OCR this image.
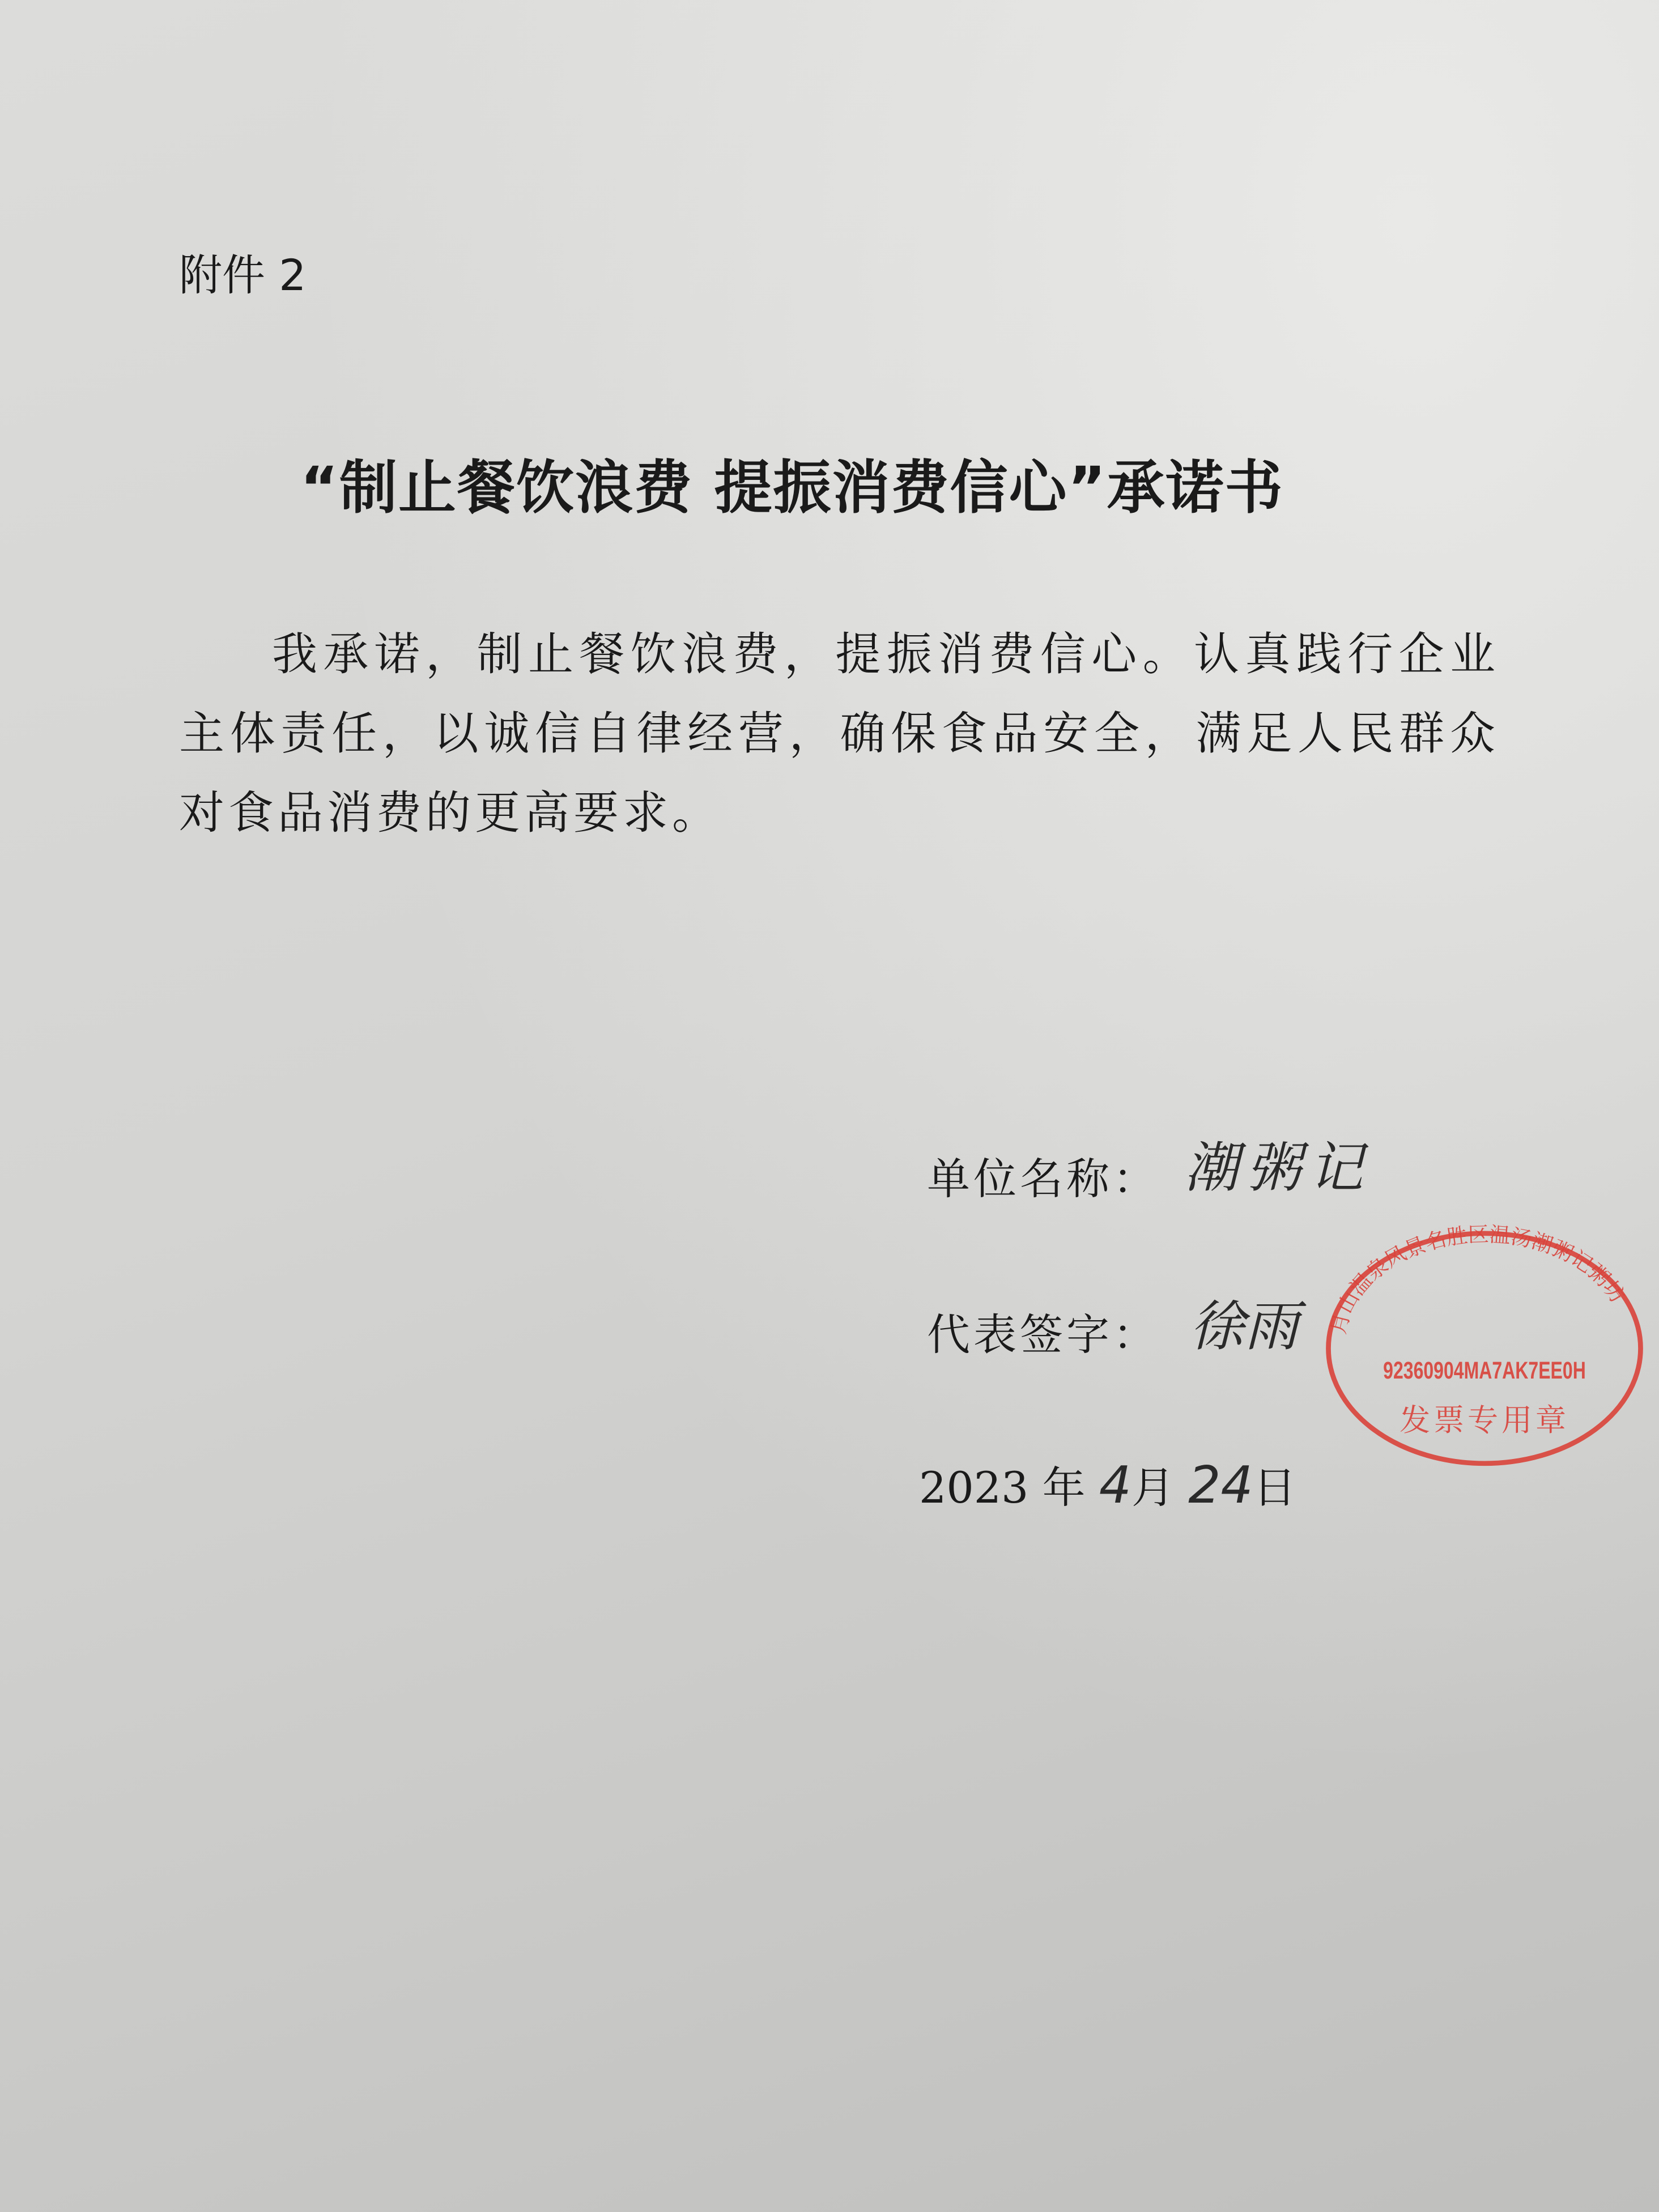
附件 2
“制止餐饮浪费 提振消费信心”承诺书
我承诺，制止餐饮浪费，提振消费信心。认真践行企业主体责任，以诚信自律经营，确保食品安全，满足人民群众对食品消费的更高要求。
单位名称： 潮粥记
月山温泉风景名胜区温汤潮粥记粥坊
92360904MA7AK7EE0H
发票专用章
代表签字： 徐雨
2023 年 4月 24日
